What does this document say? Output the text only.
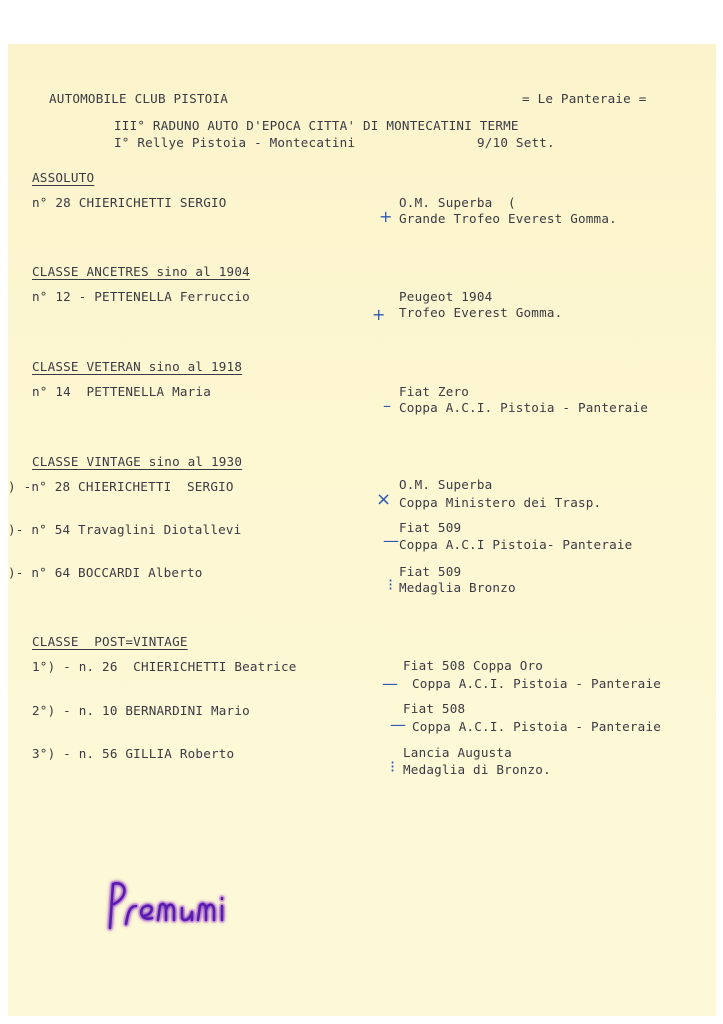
AUTOMOBILE CLUB PISTOIA	= Le Panteraie =
III° RADUNO AUTO D'EPOCA CITTA' DI MONTECATINI TERME
I° Rellye Pistoia - Montecatini	9/10 Sett.
ASSOLUTO
n° 28 CHIERICHETTI SERGIO	O.M. Superba  (
Grande Trofeo Everest Gomma.
+
CLASSE ANCETRES sino al 1904
n° 12 - PETTENELLA Ferruccio	Peugeot 1904
Trofeo Everest Gomma.
+
CLASSE VETERAN sino al 1918
n° 14  PETTENELLA Maria	Fiat Zero
Coppa A.C.I. Pistoia - Panteraie
–
CLASSE VINTAGE sino al 1930
) -n° 28 CHIERICHETTI  SERGIO	O.M. Superba
Coppa Ministero dei Trasp.
×
)- n° 54 Travaglini Diotallevi	Fiat 509
Coppa A.C.I Pistoia- Panteraie
—
)- n° 64 BOCCARDI Alberto	Fiat 509
Medaglia Bronzo
⁝
CLASSE  POST=VINTAGE
1°) - n. 26  CHIERICHETTI Beatrice	Fiat 508 Coppa Oro
Coppa A.C.I. Pistoia - Panteraie
—
2°) - n. 10 BERNARDINI Mario	Fiat 508
Coppa A.C.I. Pistoia - Panteraie
—
3°) - n. 56 GILLIA Roberto	Lancia Augusta
Medaglia di Bronzo.
⁝
